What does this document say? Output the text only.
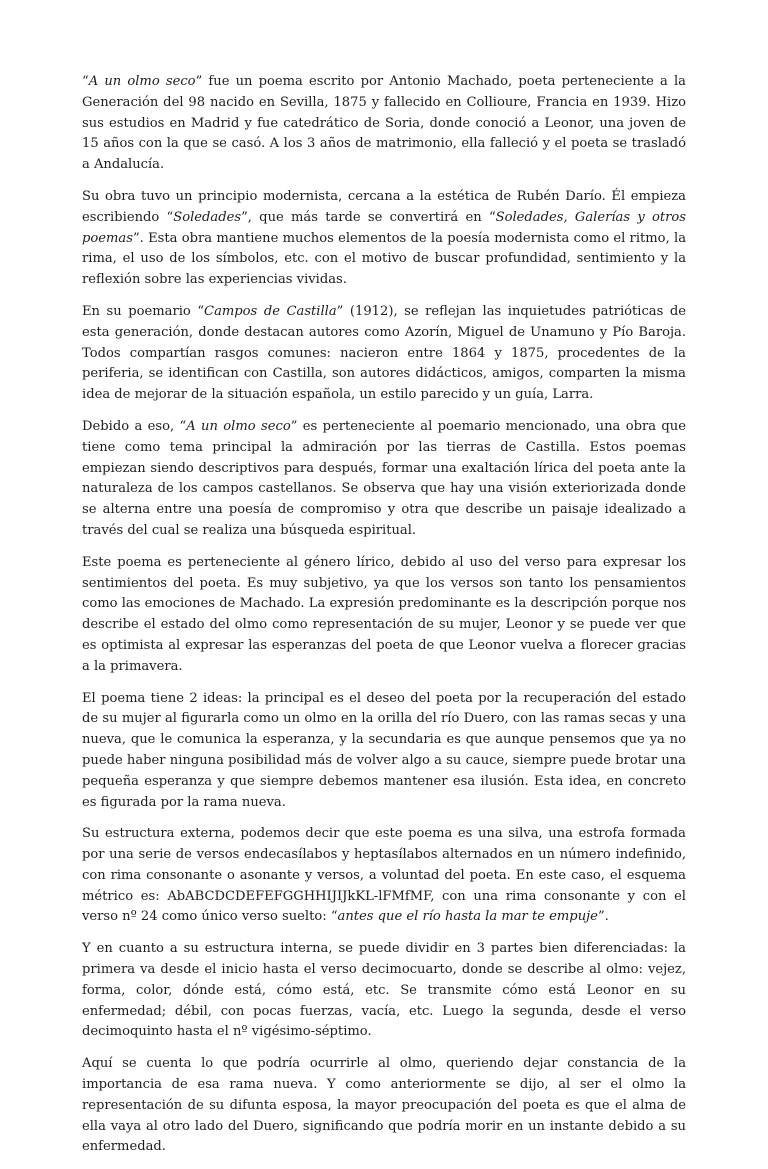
“A un olmo seco” fue un poema escrito por Antonio Machado, poeta perteneciente a la Generación del 98 nacido en Sevilla, 1875 y fallecido en Collioure, Francia en 1939. Hizo sus estudios en Madrid y fue catedrático de Soria, donde conoció a Leonor, una joven de 15 años con la que se casó. A los 3 años de matrimonio, ella falleció y el poeta se trasladó a Andalucía.

Su obra tuvo un principio modernista, cercana a la estética de Rubén Darío. Él empieza escribiendo “Soledades”, que más tarde se convertirá en “Soledades, Galerías y otros poemas”. Esta obra mantiene muchos elementos de la poesía modernista como el ritmo, la rima, el uso de los símbolos, etc. con el motivo de buscar profundidad, sentimiento y la reflexión sobre las experiencias vividas.

En su poemario “Campos de Castilla” (1912), se reflejan las inquietudes patrióticas de esta generación, donde destacan autores como Azorín, Miguel de Unamuno y Pío Baroja. Todos compartían rasgos comunes: nacieron entre 1864 y 1875, procedentes de la periferia, se identifican con Castilla, son autores didácticos, amigos, comparten la misma idea de mejorar de la situación española, un estilo parecido y un guía, Larra.

Debido a eso, “A un olmo seco” es perteneciente al poemario mencionado, una obra que tiene como tema principal la admiración por las tierras de Castilla. Estos poemas empiezan siendo descriptivos para después, formar una exaltación lírica del poeta ante la naturaleza de los campos castellanos. Se observa que hay una visión exteriorizada donde se alterna entre una poesía de compromiso y otra que describe un paisaje idealizado a través del cual se realiza una búsqueda espiritual.

Este poema es perteneciente al género lírico, debido al uso del verso para expresar los sentimientos del poeta. Es muy subjetivo, ya que los versos son tanto los pensamientos como las emociones de Machado. La expresión predominante es la descripción porque nos describe el estado del olmo como representación de su mujer, Leonor y se puede ver que es optimista al expresar las esperanzas del poeta de que Leonor vuelva a florecer gracias a la primavera.

El poema tiene 2 ideas: la principal es el deseo del poeta por la recuperación del estado de su mujer al figurarla como un olmo en la orilla del río Duero, con las ramas secas y una nueva, que le comunica la esperanza, y la secundaria es que aunque pensemos que ya no puede haber ninguna posibilidad más de volver algo a su cauce, siempre puede brotar una pequeña esperanza y que siempre debemos mantener esa ilusión. Esta idea, en concreto es figurada por la rama nueva.

Su estructura externa, podemos decir que este poema es una silva, una estrofa formada por una serie de versos endecasílabos y heptasílabos alternados en un número indefinido, con rima consonante o asonante y versos, a voluntad del poeta. En este caso, el esquema métrico es: AbABCDCDEFEFGGHHIJIJkKL-lFMfMF, con una rima consonante y con el verso nº 24 como único verso suelto: “antes que el río hasta la mar te empuje”.

Y en cuanto a su estructura interna, se puede dividir en 3 partes bien diferenciadas: la primera va desde el inicio hasta el verso decimocuarto, donde se describe al olmo: vejez, forma, color, dónde está, cómo está, etc. Se transmite cómo está Leonor en su enfermedad; débil, con pocas fuerzas, vacía, etc. Luego la segunda, desde el verso decimoquinto hasta el nº vigésimo-séptimo.

Aquí se cuenta lo que podría ocurrirle al olmo, queriendo dejar constancia de la importancia de esa rama nueva. Y como anteriormente se dijo, al ser el olmo la representación de su difunta esposa, la mayor preocupación del poeta es que el alma de ella vaya al otro lado del Duero, significando que podría morir en un instante debido a su enfermedad.
